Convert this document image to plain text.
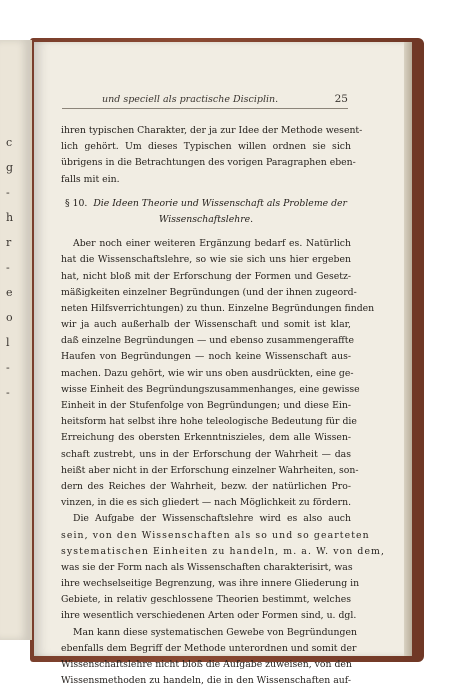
c
g
-
h
r
-
e
o
l
-
-
und speciell als practische Disciplin.	25
ihren typischen Charakter, der ja zur Idee der Methode wesent-
lich gehört. Um dieses Typischen willen ordnen sie sich
übrigens in die Betrachtungen des vorigen Paragraphen eben-
falls mit ein.
§ 10. Die Ideen Theorie und Wissenschaft als Probleme der
Wissenschaftslehre.
Aber noch einer weiteren Ergänzung bedarf es. Natürlich
hat die Wissenschaftslehre, so wie sie sich uns hier ergeben
hat, nicht bloß mit der Erforschung der Formen und Gesetz-
mäßigkeiten einzelner Begründungen (und der ihnen zugeord-
neten Hilfsverrichtungen) zu thun. Einzelne Begründungen finden
wir ja auch außerhalb der Wissenschaft und somit ist klar,
daß einzelne Begründungen — und ebenso zusammengeraffte
Haufen von Begründungen — noch keine Wissenschaft aus-
machen. Dazu gehört, wie wir uns oben ausdrückten, eine ge-
wisse Einheit des Begründungszusammenhanges, eine gewisse
Einheit in der Stufenfolge von Begründungen; und diese Ein-
heitsform hat selbst ihre hohe teleologische Bedeutung für die
Erreichung des obersten Erkenntniszieles, dem alle Wissen-
schaft zustrebt, uns in der Erforschung der Wahrheit — das
heißt aber nicht in der Erforschung einzelner Wahrheiten, son-
dern des Reiches der Wahrheit, bezw. der natürlichen Pro-
vinzen, in die es sich gliedert — nach Möglichkeit zu fördern.
Die Aufgabe der Wissenschaftslehre wird es also auch
sein, von den Wissenschaften als so und so gearteten
systematischen Einheiten zu handeln, m. a. W. von dem,
was sie der Form nach als Wissenschaften charakterisirt, was
ihre wechselseitige Begrenzung, was ihre innere Gliederung in
Gebiete, in relativ geschlossene Theorien bestimmt, welches
ihre wesentlich verschiedenen Arten oder Formen sind, u. dgl.
Man kann diese systematischen Gewebe von Begründungen
ebenfalls dem Begriff der Methode unterordnen und somit der
Wissenschaftslehre nicht bloß die Aufgabe zuweisen, von den
Wissensmethoden zu handeln, die in den Wissenschaften auf-
